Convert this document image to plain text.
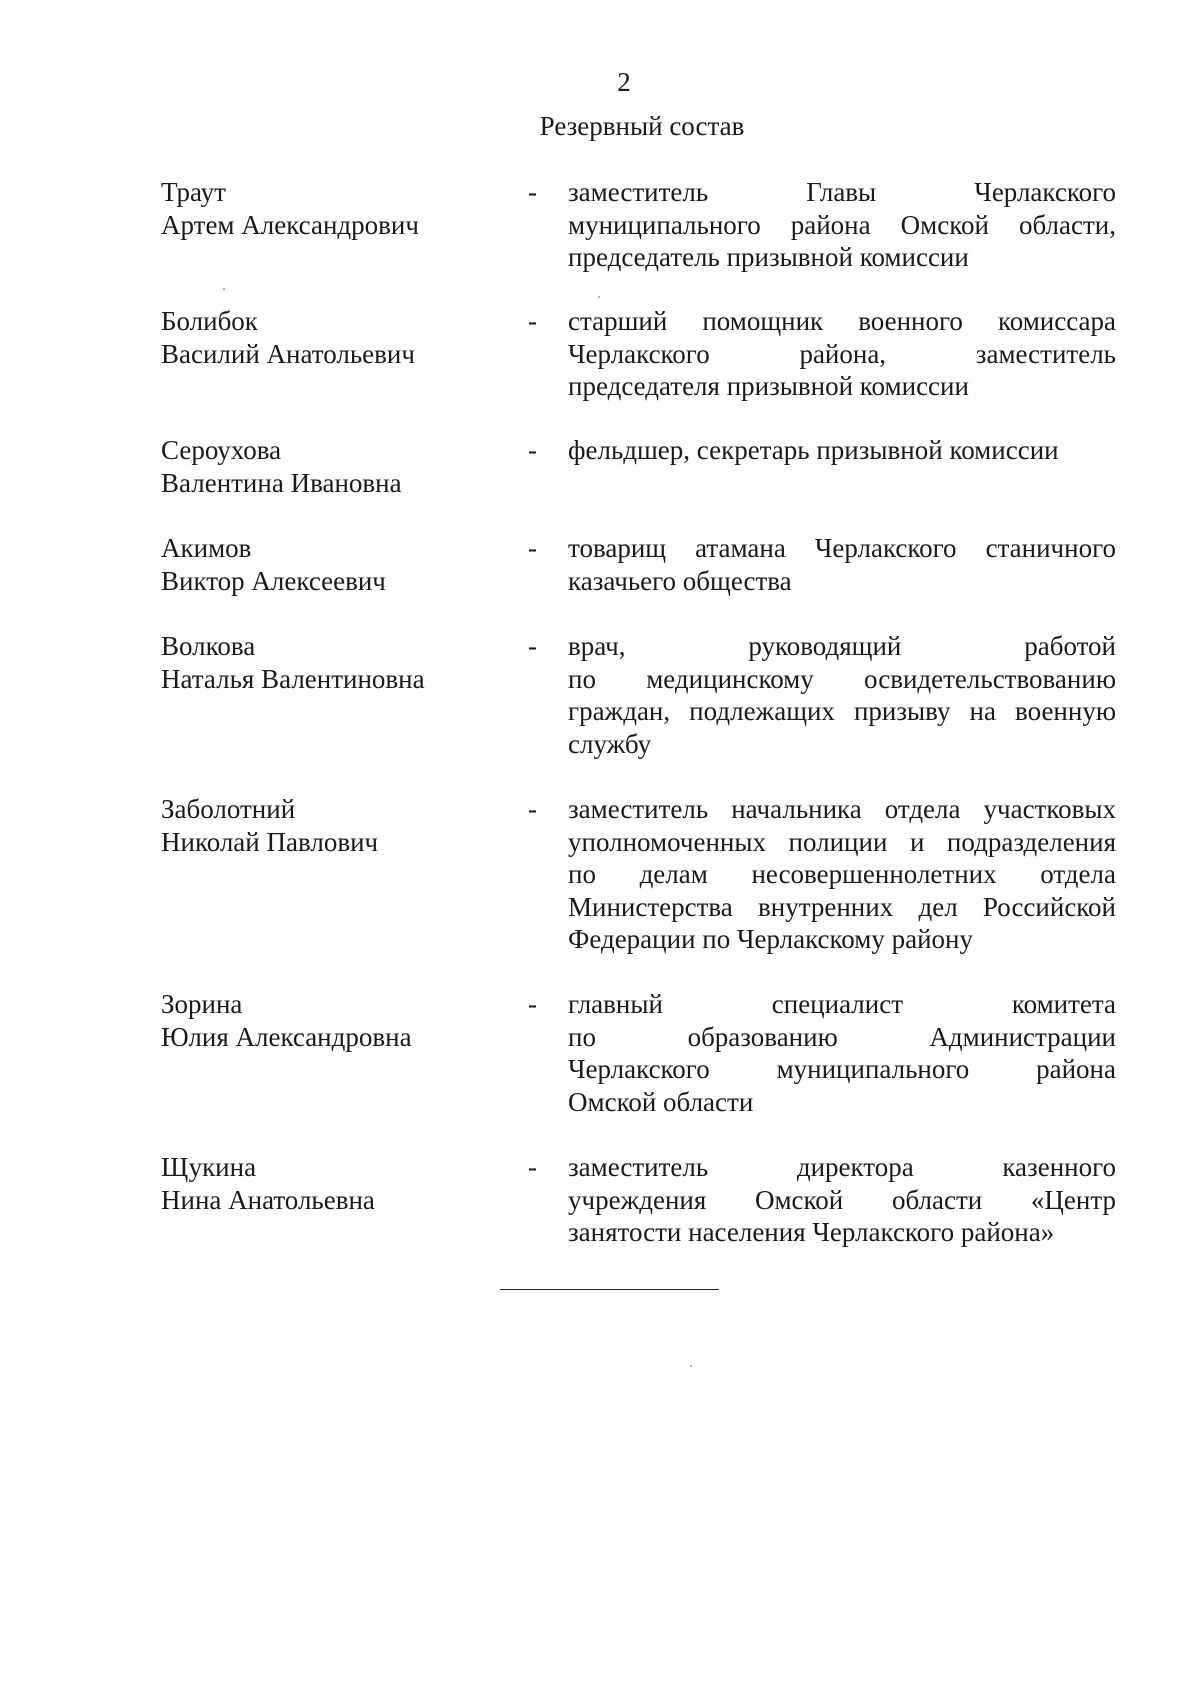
2
Резервный состав
Траут
Артем Александрович
- заместитель Главы Черлакского
муниципального района Омской области,
председатель призывной комиссии
Болибок
Василий Анатольевич
- старший помощник военного комиссара
Черлакского района, заместитель
председателя призывной комиссии
Сероухова
Валентина Ивановна
- фельдшер, секретарь призывной комиссии
Акимов
Виктор Алексеевич
- товарищ атамана Черлакского станичного
казачьего общества
Волкова
Наталья Валентиновна
- врач, руководящий работой
по медицинскому освидетельствованию
граждан, подлежащих призыву на военную
службу
Заболотний
Николай Павлович
- заместитель начальника отдела участковых
уполномоченных полиции и подразделения
по делам несовершеннолетних отдела
Министерства внутренних дел Российской
Федерации по Черлакскому району
Зорина
Юлия Александровна
- главный специалист комитета
по образованию Администрации
Черлакского муниципального района
Омской области
Щукина
Нина Анатольевна
- заместитель директора казенного
учреждения Омской области «Центр
занятости населения Черлакского района»
